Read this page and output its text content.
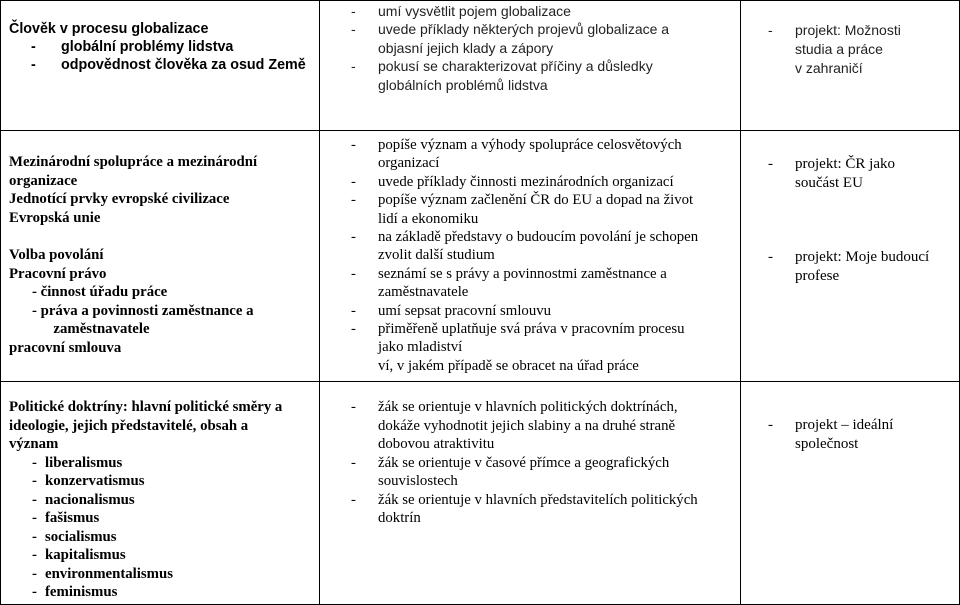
Člověk v procesu globalizace
- globální problémy lidstva
- odpovědnost člověka za osud Země
- umí vysvětlit pojem globalizace
- uvede příklady některých projevů globalizace a
objasní jejich klady a zápory
- pokusí se charakterizovat příčiny a důsledky
globálních problémů lidstva
- projekt: Možnosti
studia a práce
v zahraničí
Mezinárodní spolupráce a mezinárodní
organizace
Jednotící prvky evropské civilizace
Evropská unie
Volba povolání
Pracovní právo
- činnost úřadu práce
- práva a povinnosti zaměstnance a
zaměstnavatele
pracovní smlouva
- popíše význam a výhody spolupráce celosvětových
organizací
- uvede příklady činnosti mezinárodních organizací
- popíše význam začlenění ČR do EU a dopad na život
lidí a ekonomiku
- na základě představy o budoucím povolání je schopen
zvolit další studium
- seznámí se s právy a povinnostmi zaměstnance a
zaměstnavatele
- umí sepsat pracovní smlouvu
- přiměřeně uplatňuje svá práva v pracovním procesu
jako mladiství
ví, v jakém případě se obracet na úřad práce
- projekt: ČR jako
součást EU
- projekt: Moje budoucí
profese
Politické doktríny: hlavní politické směry a
ideologie, jejich představitelé, obsah a
význam
- liberalismus
- konzervatismus
- nacionalismus
- fašismus
- socialismus
- kapitalismus
- environmentalismus
- feminismus
- žák se orientuje v hlavních politických doktrínách,
dokáže vyhodnotit jejich slabiny a na druhé straně
dobovou atraktivitu
- žák se orientuje v časové přímce a geografických
souvislostech
- žák se orientuje v hlavních představitelích politických
doktrín
- projekt – ideální
společnost
